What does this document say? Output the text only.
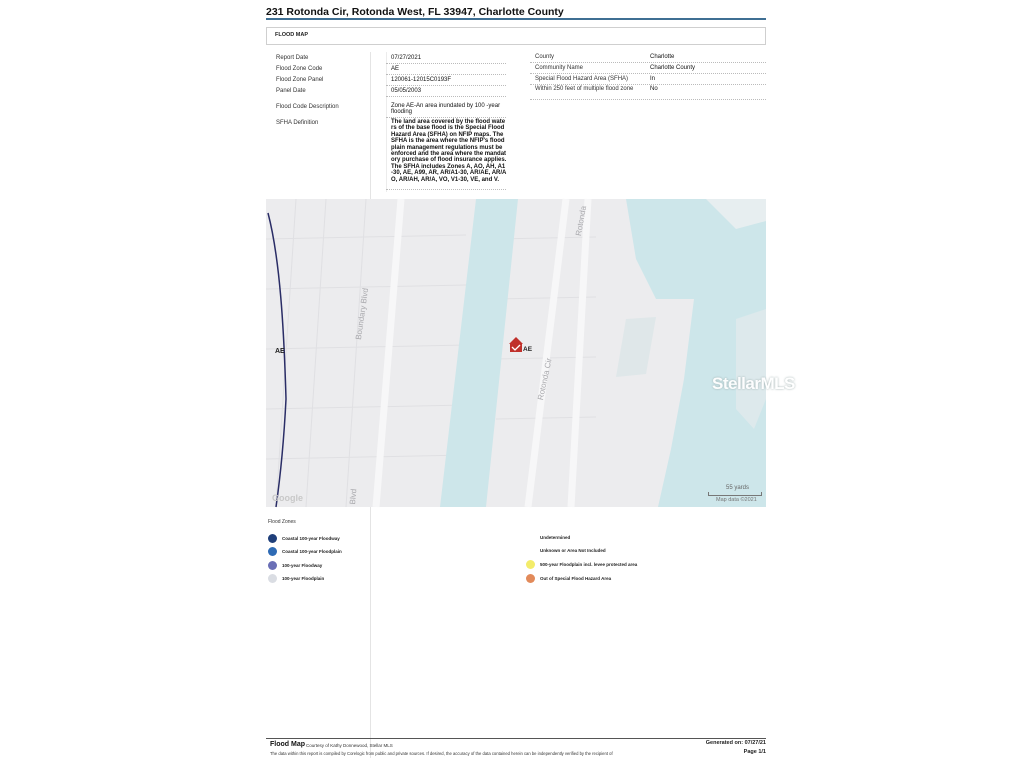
231 Rotonda Cir, Rotonda West, FL 33947, Charlotte County
FLOOD MAP
Report Date	07/27/2021
Flood Zone Code	AE
Flood Zone Panel	120061-12015C0193F
Panel Date	05/05/2003
Flood Code Description	Zone AE-An area inundated by 100 -year flooding
SFHA Definition	The land area covered by the flood waters of the base flood is the Special Flood Hazard Area (SFHA) on NFIP maps. The SFHA is the area where the NFIP's floodplain management regulations must be enforced and the area where the mandatory purchase of flood insurance applies. The SFHA includes Zones A, AO, AH, A1-30, AE, A99, AR, AR/A1-30, AR/AE, AR/AO, AR/AH, AR/A, VO, V1-30, VE, and V.
County	Charlotte
Community Name	Charlotte County
Special Flood Hazard Area (SFHA)	In
Within 250 feet of multiple flood zone	No
AE	AE
Boundary Blvd
Rotonda Cir
Rotonda
Blvd
StellarMLS
Google
55 yards
Map data ©2021
Flood Zones
Coastal 100-year Floodway
Coastal 100-year Floodplain
100-year Floodway
100-year Floodplain
Undetermined
Unknown or Area Not Included
500-year Floodplain incl. levee protected area
Out of Special Flood Hazard Area
Flood Map Courtesy of Kathy Donnewood, Stellar MLS	Generated on: 07/27/21
Page 1/1
The data within this report is compiled by Corelogic from public and private sources. If desired, the accuracy of the data contained herein can be independently verified by the recipient of
